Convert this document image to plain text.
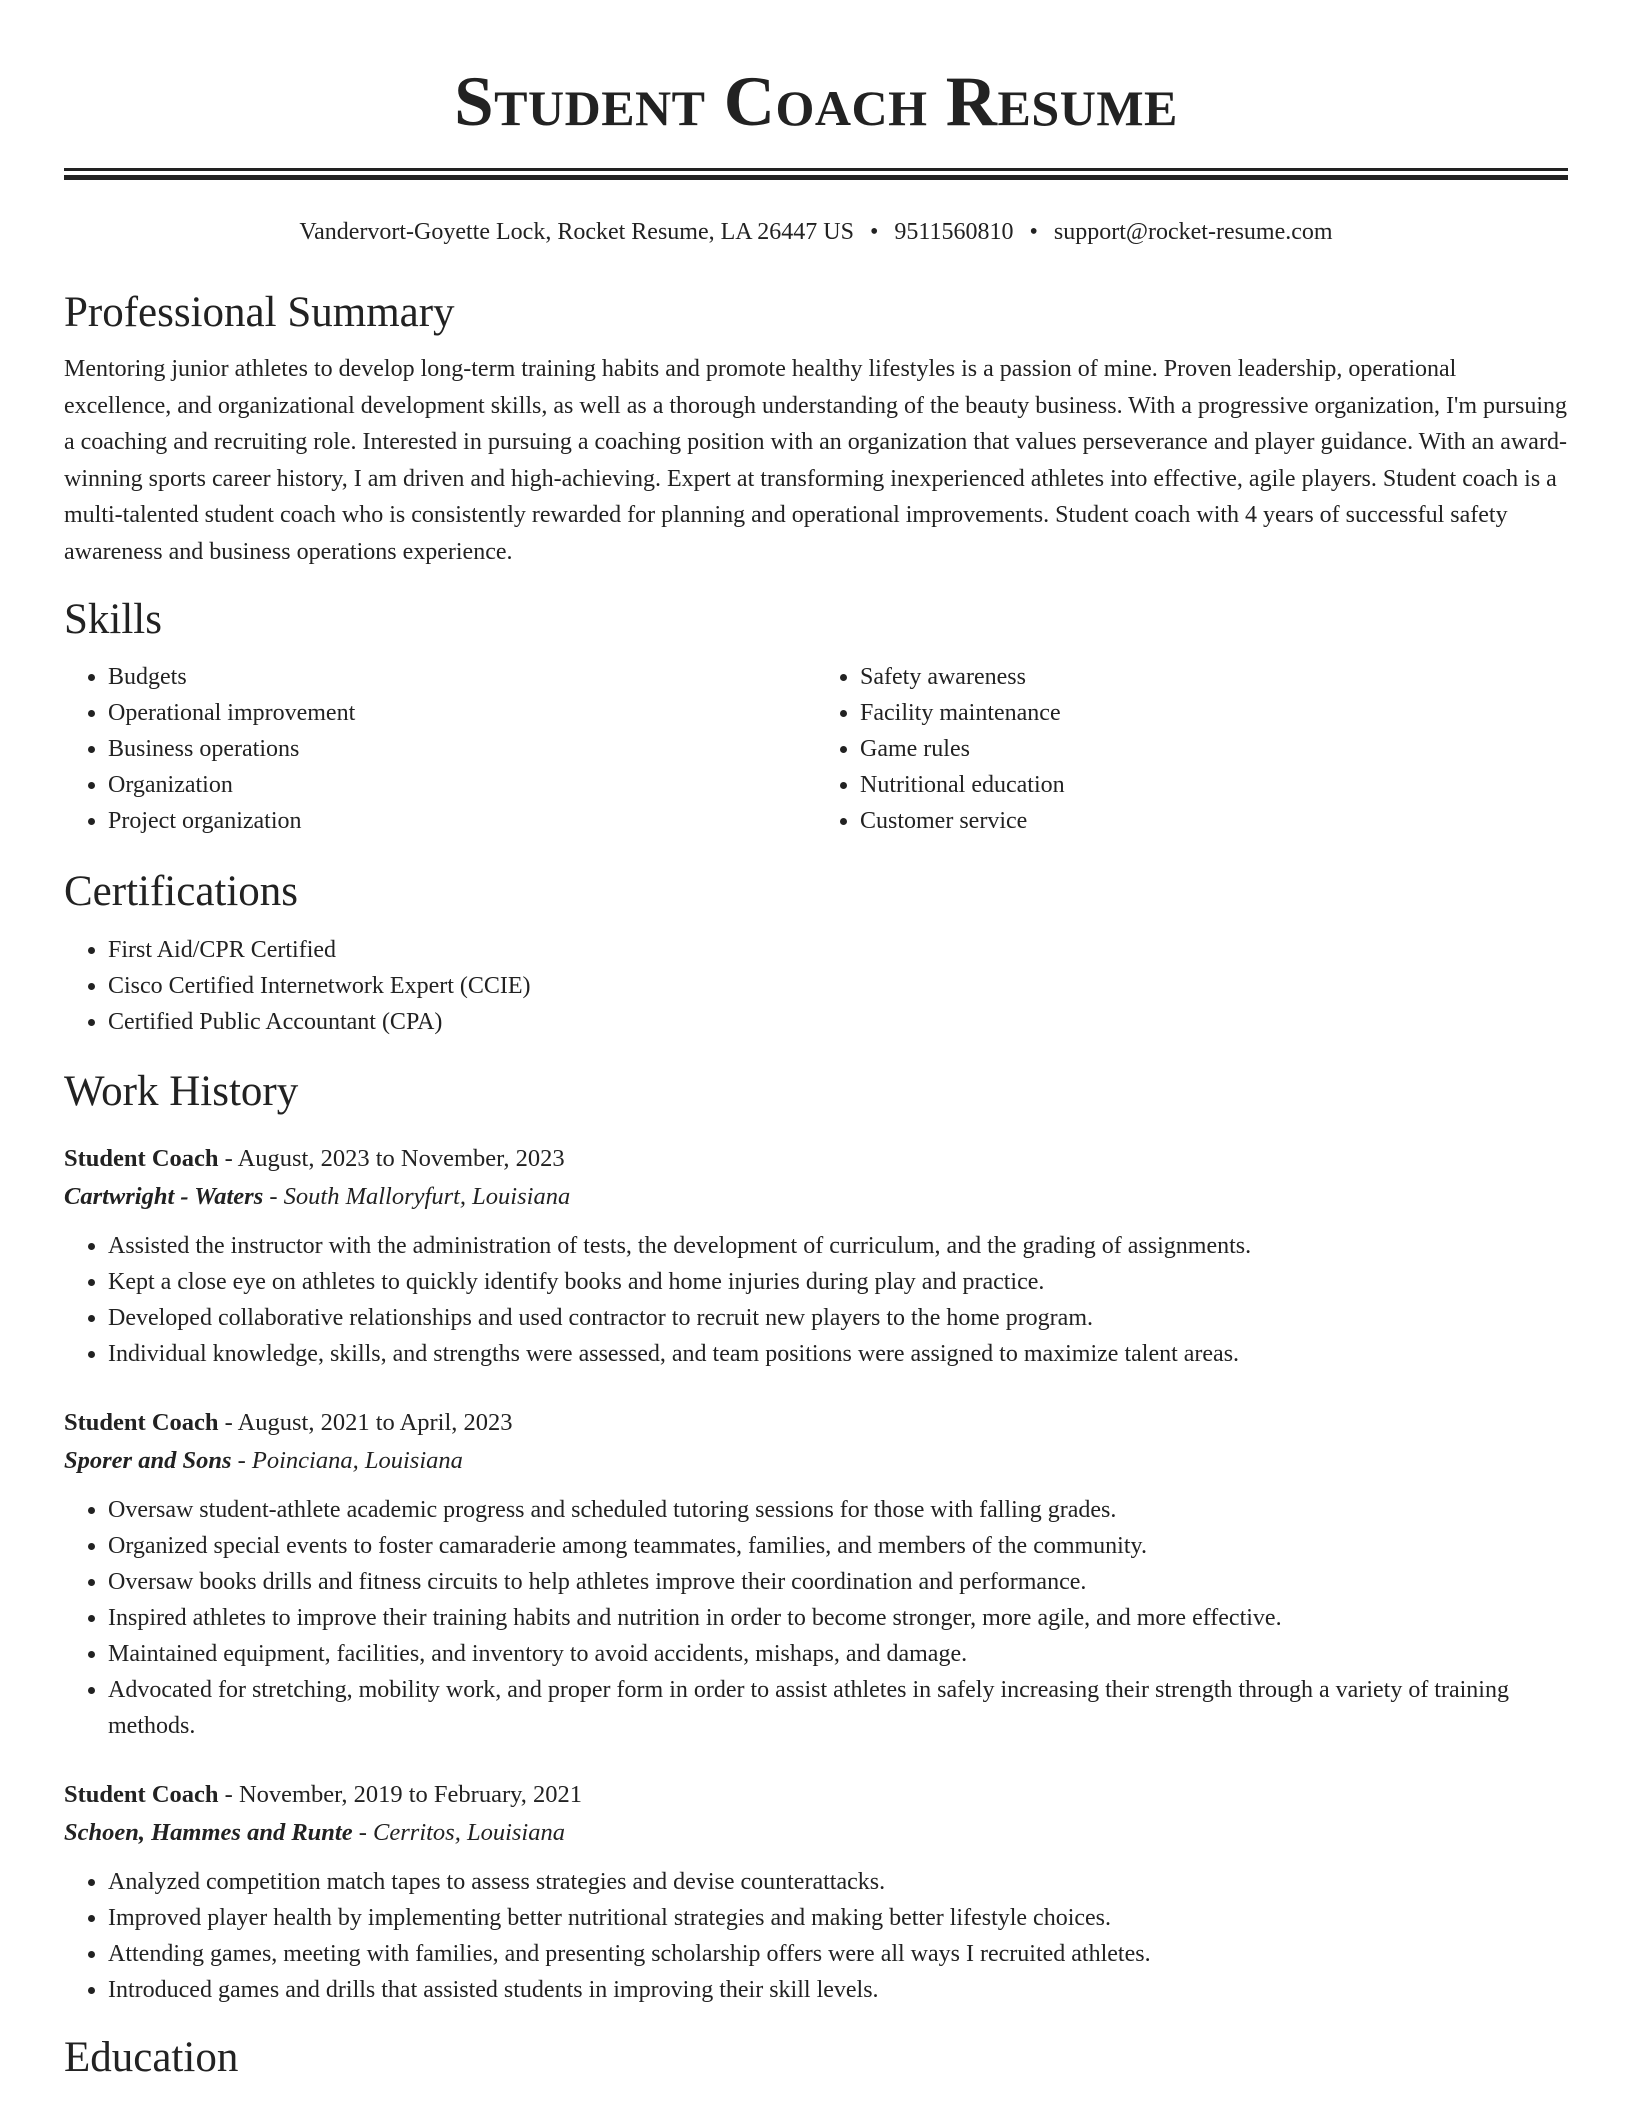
Student Coach Resume
Vandervort-Goyette Lock, Rocket Resume, LA 26447 US • 9511560810 • support@rocket-resume.com
Professional Summary

Mentoring junior athletes to develop long-term training habits and promote healthy lifestyles is a passion of mine. Proven leadership, operational excellence, and organizational development skills, as well as a thorough understanding of the beauty business. With a progressive organization, I'm pursuing a coaching and recruiting role. Interested in pursuing a coaching position with an organization that values perseverance and player guidance. With an award-winning sports career history, I am driven and high-achieving. Expert at transforming inexperienced athletes into effective, agile players. Student coach is a multi-talented student coach who is consistently rewarded for planning and operational improvements. Student coach with 4 years of successful safety awareness and business operations experience.

Skills
• Budgets
• Operational improvement
• Business operations
• Organization
• Project organization
• Safety awareness
• Facility maintenance
• Game rules
• Nutritional education
• Customer service
Certifications
• First Aid/CPR Certified
• Cisco Certified Internetwork Expert (CCIE)
• Certified Public Accountant (CPA)
Work History
Student Coach - August, 2023 to November, 2023
Cartwright - Waters - South Malloryfurt, Louisiana
• Assisted the instructor with the administration of tests, the development of curriculum, and the grading of assignments.
• Kept a close eye on athletes to quickly identify books and home injuries during play and practice.
• Developed collaborative relationships and used contractor to recruit new players to the home program.
• Individual knowledge, skills, and strengths were assessed, and team positions were assigned to maximize talent areas.
Student Coach - August, 2021 to April, 2023
Sporer and Sons - Poinciana, Louisiana
• Oversaw student-athlete academic progress and scheduled tutoring sessions for those with falling grades.
• Organized special events to foster camaraderie among teammates, families, and members of the community.
• Oversaw books drills and fitness circuits to help athletes improve their coordination and performance.
• Inspired athletes to improve their training habits and nutrition in order to become stronger, more agile, and more effective.
• Maintained equipment, facilities, and inventory to avoid accidents, mishaps, and damage.
• Advocated for stretching, mobility work, and proper form in order to assist athletes in safely increasing their strength through a variety of training methods.
Student Coach - November, 2019 to February, 2021
Schoen, Hammes and Runte - Cerritos, Louisiana
• Analyzed competition match tapes to assess strategies and devise counterattacks.
• Improved player health by implementing better nutritional strategies and making better lifestyle choices.
• Attending games, meeting with families, and presenting scholarship offers were all ways I recruited athletes.
• Introduced games and drills that assisted students in improving their skill levels.
Education
